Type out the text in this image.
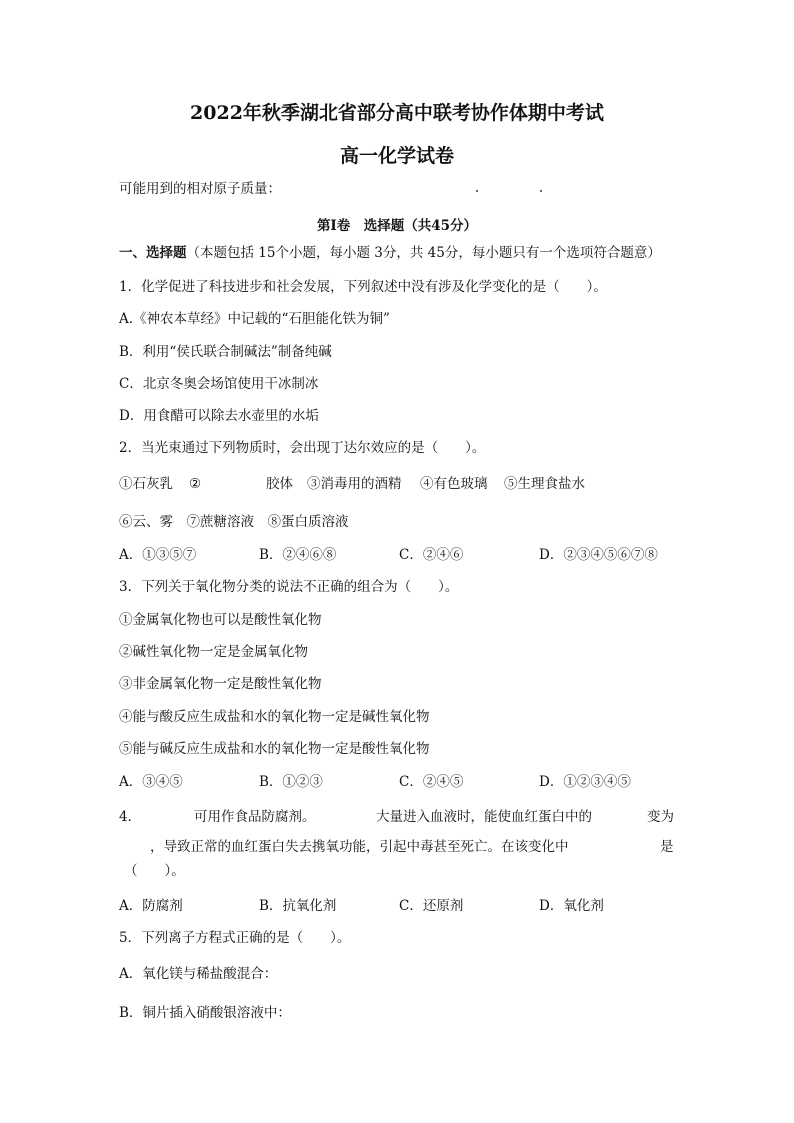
2022年秋季湖北省部分高中联考协作体期中考试
高一化学试卷
可能用到的相对原子质量：
第Ⅰ卷　选择题（共45分）
一、选择题（本题包括 15个小题，每小题 3分，共 45分，每小题只有一个选项符合题意）
1．化学促进了科技进步和社会发展，下列叙述中没有涉及化学变化的是（　　）。
A.《神农本草经》中记载的“石胆能化铁为铜”
B．利用“侯氏联合制碱法”制备纯碱
C．北京冬奥会场馆使用干冰制冰
D．用食醋可以除去水壶里的水垢
2．当光束通过下列物质时，会出现丁达尔效应的是（　　）。
①石灰乳 ②	胶体 ③消毒用的酒精 ④有色玻璃 ⑤生理食盐水
⑥云、雾　⑦蔗糖溶液　⑧蛋白质溶液
A．①③⑤⑦	B．②④⑥⑧	C．②④⑥	D．②③④⑤⑥⑦⑧
3．下列关于氧化物分类的说法不正确的组合为（　　）。
①金属氧化物也可以是酸性氧化物
②碱性氧化物一定是金属氧化物
③非金属氧化物一定是酸性氧化物
④能与酸反应生成盐和水的氧化物一定是碱性氧化物
⑤能与碱反应生成盐和水的氧化物一定是酸性氧化物
A．③④⑤	B．①②③	C．②④⑤	D．①②③④⑤
4．	可用作食品防腐剂。	大量进入血液时，能使血红蛋白中的	变为
，导致正常的血红蛋白失去携氧功能，引起中毒甚至死亡。在该变化中	是
（　　）。
A．防腐剂	B．抗氧化剂	C．还原剂	D．氧化剂
5．下列离子方程式正确的是（　　）。
A．氧化镁与稀盐酸混合：
B．铜片插入硝酸银溶液中：
